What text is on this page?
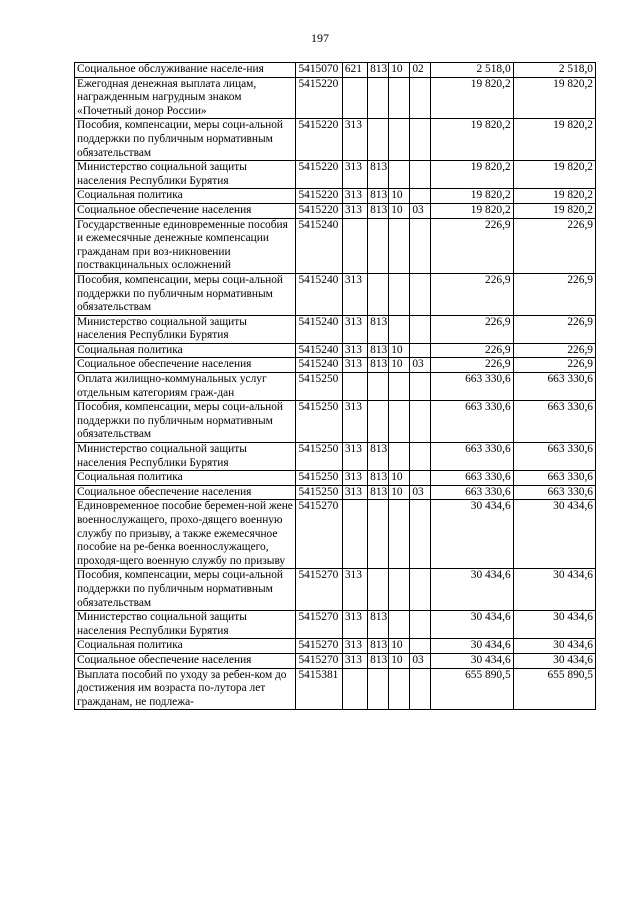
197
Социальное обслуживание населе-ния	5415070	621	813	10	02	2 518,0	2 518,0
Ежегодная денежная выплата лицам, награжденным нагрудным знаком «Почетный донор России»	5415220					19 820,2	19 820,2
Пособия, компенсации, меры соци-альной поддержки по публичным нормативным обязательствам	5415220	313				19 820,2	19 820,2
Министерство социальной защиты населения Республики Бурятия	5415220	313	813			19 820,2	19 820,2
Социальная политика	5415220	313	813	10		19 820,2	19 820,2
Социальное обеспечение населения	5415220	313	813	10	03	19 820,2	19 820,2
Государственные единовременные пособия и ежемесячные денежные компенсации гражданам при воз-никновении поствакцинальных осложнений	5415240					226,9	226,9
Пособия, компенсации, меры соци-альной поддержки по публичным нормативным обязательствам	5415240	313				226,9	226,9
Министерство социальной защиты населения Республики Бурятия	5415240	313	813			226,9	226,9
Социальная политика	5415240	313	813	10		226,9	226,9
Социальное обеспечение населения	5415240	313	813	10	03	226,9	226,9
Оплата жилищно-коммунальных услуг отдельным категориям граж-дан	5415250					663 330,6	663 330,6
Пособия, компенсации, меры соци-альной поддержки по публичным нормативным обязательствам	5415250	313				663 330,6	663 330,6
Министерство социальной защиты населения Республики Бурятия	5415250	313	813			663 330,6	663 330,6
Социальная политика	5415250	313	813	10		663 330,6	663 330,6
Социальное обеспечение населения	5415250	313	813	10	03	663 330,6	663 330,6
Единовременное пособие беремен-ной жене военнослужащего, прохо-дящего военную службу по призыву, а также ежемесячное пособие на ре-бенка военнослужащего, проходя-щего военную службу по призыву	5415270					30 434,6	30 434,6
Пособия, компенсации, меры соци-альной поддержки по публичным нормативным обязательствам	5415270	313				30 434,6	30 434,6
Министерство социальной защиты населения Республики Бурятия	5415270	313	813			30 434,6	30 434,6
Социальная политика	5415270	313	813	10		30 434,6	30 434,6
Социальное обеспечение населения	5415270	313	813	10	03	30 434,6	30 434,6
Выплата пособий по уходу за ребен-ком до достижения им возраста по-лутора лет гражданам, не подлежа-	5415381					655 890,5	655 890,5
